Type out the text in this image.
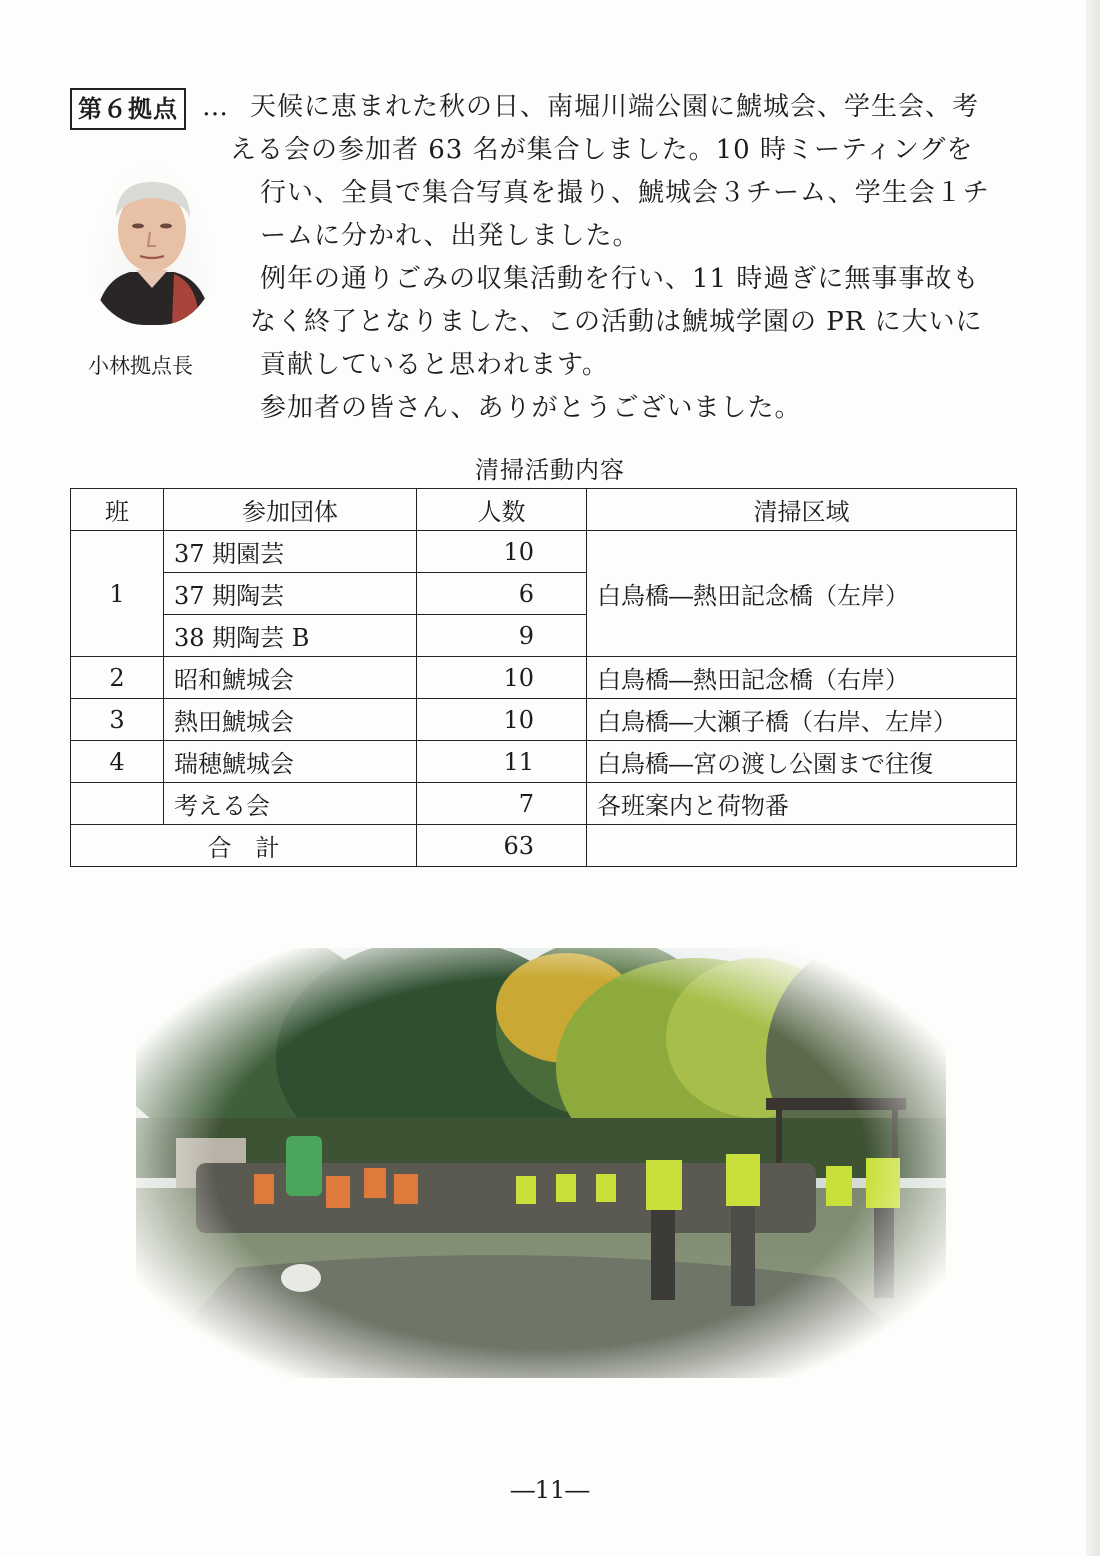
第６拠点 … 天候に恵まれた秋の日、南堀川端公園に鯱城会、学生会、考
える会の参加者 63 名が集合しました。10 時ミーティングを
行い、全員で集合写真を撮り、鯱城会３チーム、学生会１チ
ームに分かれ、出発しました。
例年の通りごみの収集活動を行い、11 時過ぎに無事事故も
なく終了となりました、この活動は鯱城学園の PR に大いに
貢献していると思われます。
参加者の皆さん、ありがとうございました。
小林拠点長
清掃活動内容
班	参加団体	人数	清掃区域
1	37 期園芸	10	白鳥橋―熱田記念橋（左岸）
	37 期陶芸	6	
	38 期陶芸 B	9	
2	昭和鯱城会	10	白鳥橋―熱田記念橋（右岸）
3	熱田鯱城会	10	白鳥橋―大瀬子橋（右岸、左岸）
4	瑞穂鯱城会	11	白鳥橋―宮の渡し公園まで往復
	考える会	7	各班案内と荷物番
合　計		63	
―11―
